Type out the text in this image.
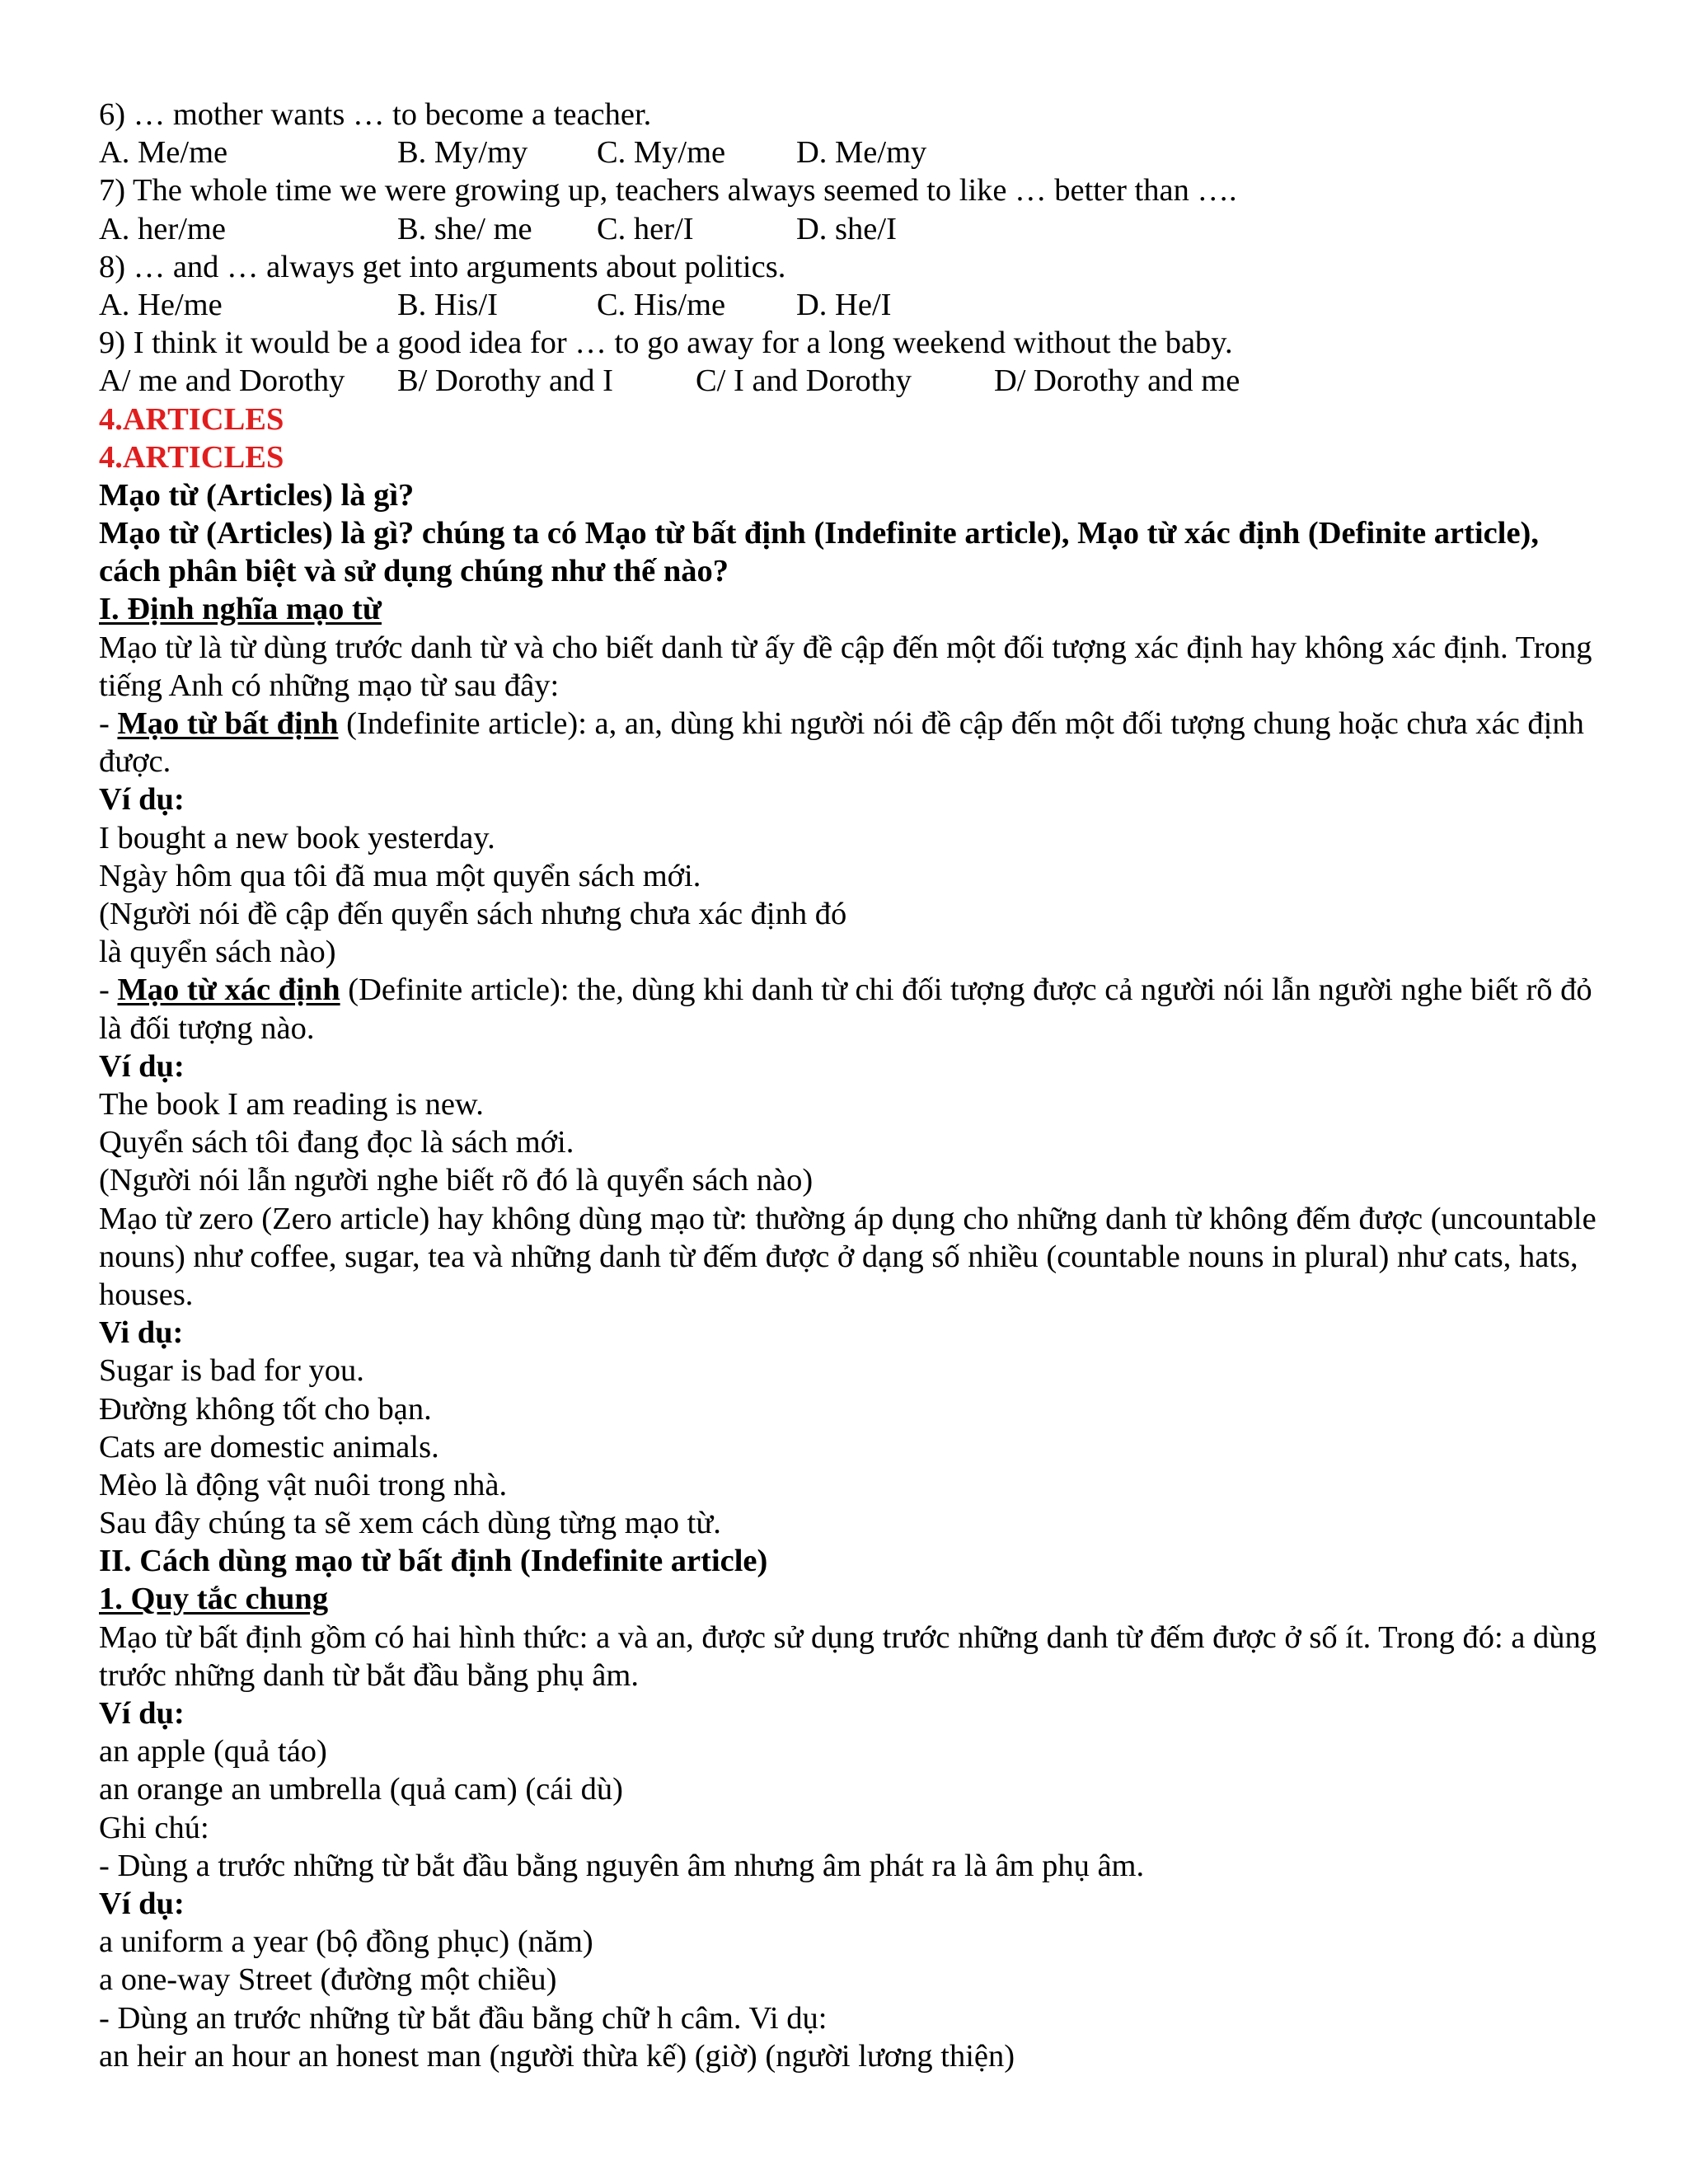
6) … mother wants … to become a teacher.
A. Me/me	B. My/my	C. My/me	D. Me/my
7) The whole time we were growing up, teachers always seemed to like … better than ….
A. her/me	B. she/ me	C. her/I	D. she/I
8) … and … always get into arguments about politics.
A. He/me	B. His/I	C. His/me	D. He/I
9) I think it would be a good idea for … to go away for a long weekend without the baby.
A/ me and Dorothy	B/ Dorothy and I	C/ I and Dorothy	D/ Dorothy and me
4.ARTICLES
4.ARTICLES
Mạo từ (Articles) là gì?
Mạo từ (Articles) là gì? chúng ta có Mạo từ bất định (Indefinite article), Mạo từ xác định (Definite article), cách phân biệt và sử dụng chúng như thế nào?
I. Định nghĩa mạo từ
Mạo từ là từ dùng trước danh từ và cho biết danh từ ấy đề cập đến một đối tượng xác định hay không xác định. Trong tiếng Anh có những mạo từ sau đây:
- Mạo từ bất định (Indefinite article): a, an, dùng khi người nói đề cập đến một đối tượng chung hoặc chưa xác định được.
Ví dụ:
I bought a new book yesterday.
Ngày hôm qua tôi đã mua một quyển sách mới.
(Người nói đề cập đến quyển sách nhưng chưa xác định đó
là quyển sách nào)
- Mạo từ xác định (Definite article): the, dùng khi danh từ chi đối tượng được cả người nói lẫn người nghe biết rõ đỏ là đối tượng nào.
Ví dụ:
The book I am reading is new.
Quyển sách tôi đang đọc là sách mới.
(Người nói lẫn người nghe biết rõ đó là quyển sách nào)
Mạo từ zero (Zero article) hay không dùng mạo từ: thường áp dụng cho những danh từ không đếm được (uncountable nouns) như coffee, sugar, tea và những danh từ đếm được ở dạng số nhiều (countable nouns in plural) như cats, hats, houses.
Vi dụ:
Sugar is bad for you.
Đường không tốt cho bạn.
Cats are domestic animals.
Mèo là động vật nuôi trong nhà.
Sau đây chúng ta sẽ xem cách dùng từng mạo từ.
II. Cách dùng mạo từ bất định (Indefinite article)
1. Quy tắc chung
Mạo từ bất định gồm có hai hình thức: a và an, được sử dụng trước những danh từ đếm được ở số ít. Trong đó: a dùng trước những danh từ bắt đầu bằng phụ âm.
Ví dụ:
an apple (quả táo)
an orange an umbrella (quả cam) (cái dù)
Ghi chú:
- Dùng a trước những từ bắt đầu bằng nguyên âm nhưng âm phát ra là âm phụ âm.
Ví dụ:
a uniform a year (bộ đồng phục) (năm)
a one-way Street (đường một chiều)
- Dùng an trước những từ bắt đầu bằng chữ h câm. Vi dụ:
an heir an hour an honest man (người thừa kế) (giờ) (người lương thiện)
